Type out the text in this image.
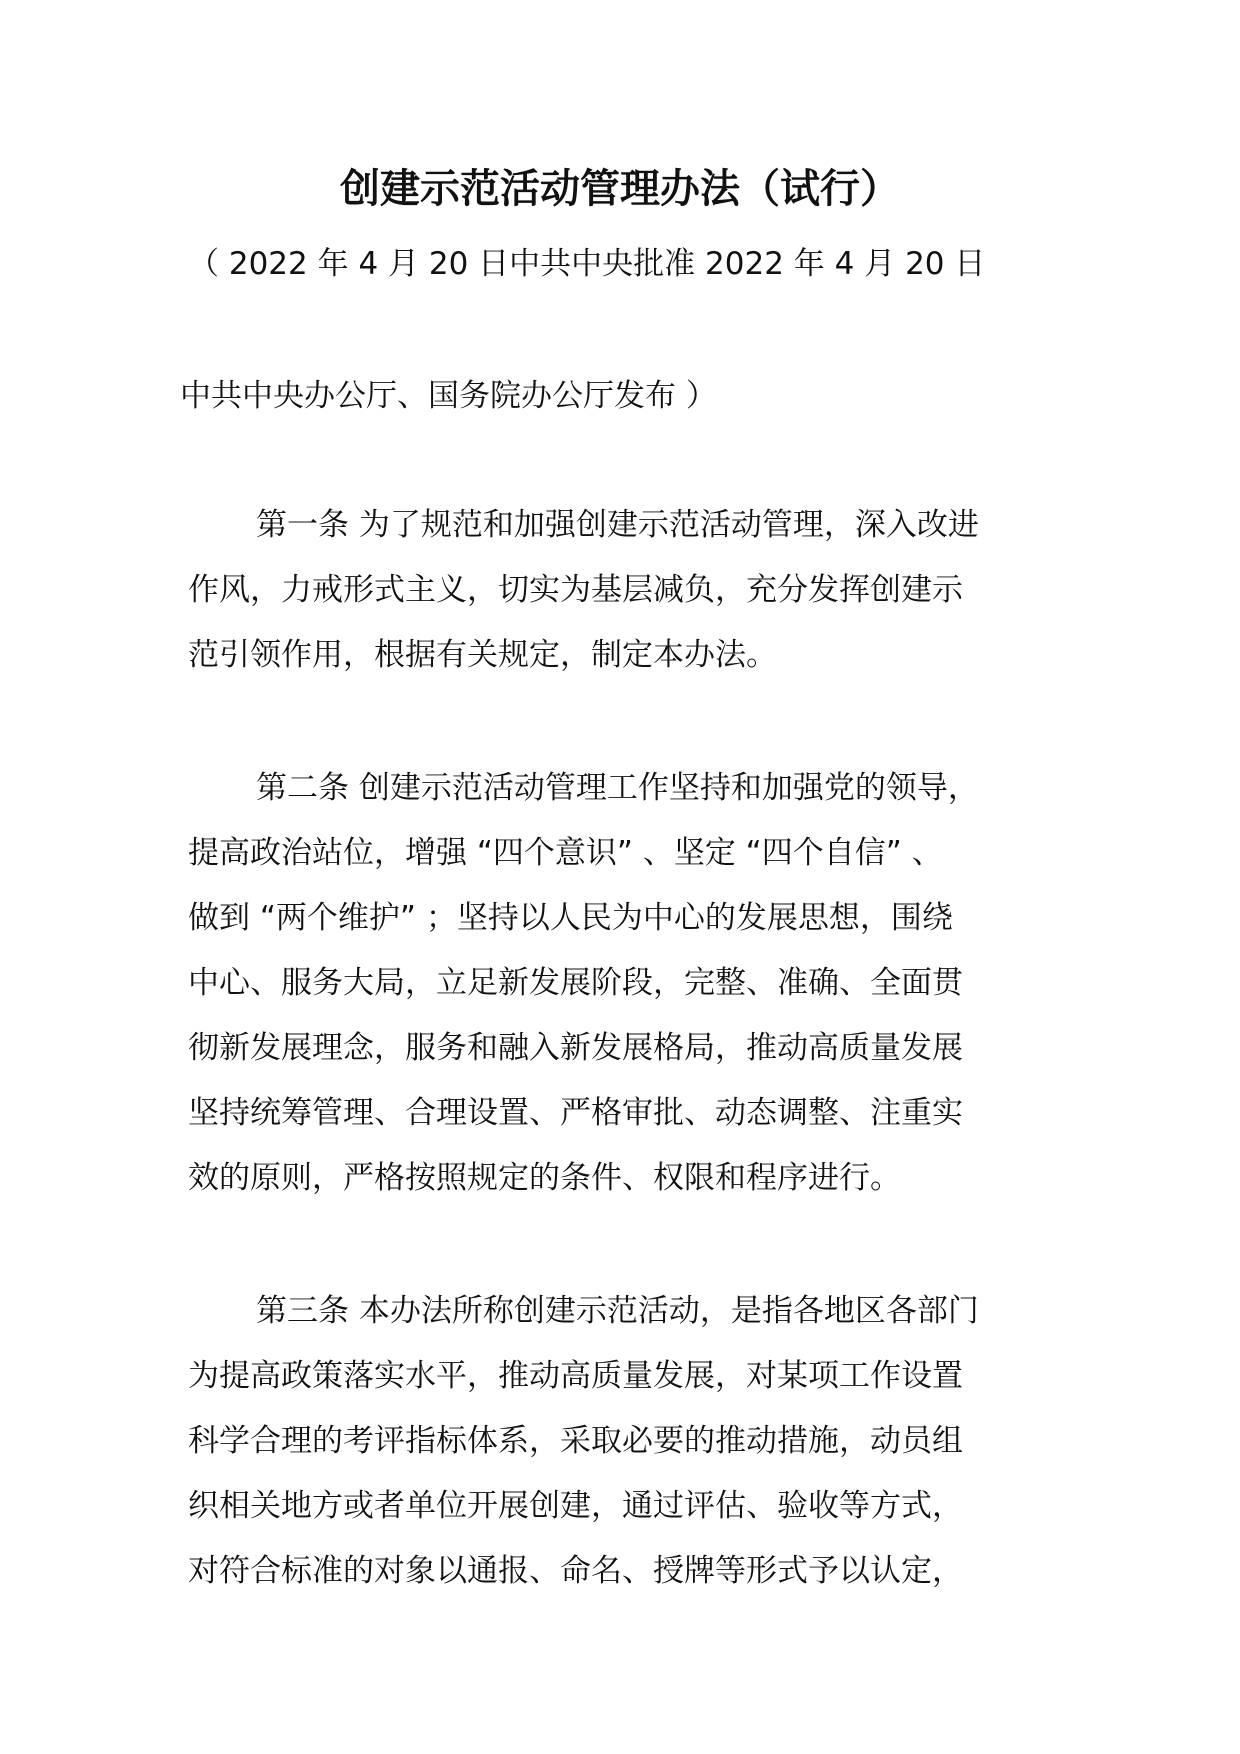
创建示范活动管理办法（试行）
（ 2022 年 4 月 20 日中共中央批准 2022 年 4 月 20 日
中共中央办公厅、国务院办公厅发布 ）
第一条 为了规范和加强创建示范活动管理，深入改进
作风，力戒形式主义，切实为基层减负，充分发挥创建示
范引领作用，根据有关规定，制定本办法。
第二条 创建示范活动管理工作坚持和加强党的领导，
提高政治站位，增强 “四个意识” 、坚定 “四个自信” 、
做到 “两个维护” ；坚持以人民为中心的发展思想，围绕
中心、服务大局，立足新发展阶段，完整、准确、全面贯
彻新发展理念，服务和融入新发展格局，推动高质量发展
坚持统筹管理、合理设置、严格审批、动态调整、注重实
效的原则，严格按照规定的条件、权限和程序进行。
第三条 本办法所称创建示范活动，是指各地区各部门
为提高政策落实水平，推动高质量发展，对某项工作设置
科学合理的考评指标体系，采取必要的推动措施，动员组
织相关地方或者单位开展创建，通过评估、验收等方式，
对符合标准的对象以通报、命名、授牌等形式予以认定，
